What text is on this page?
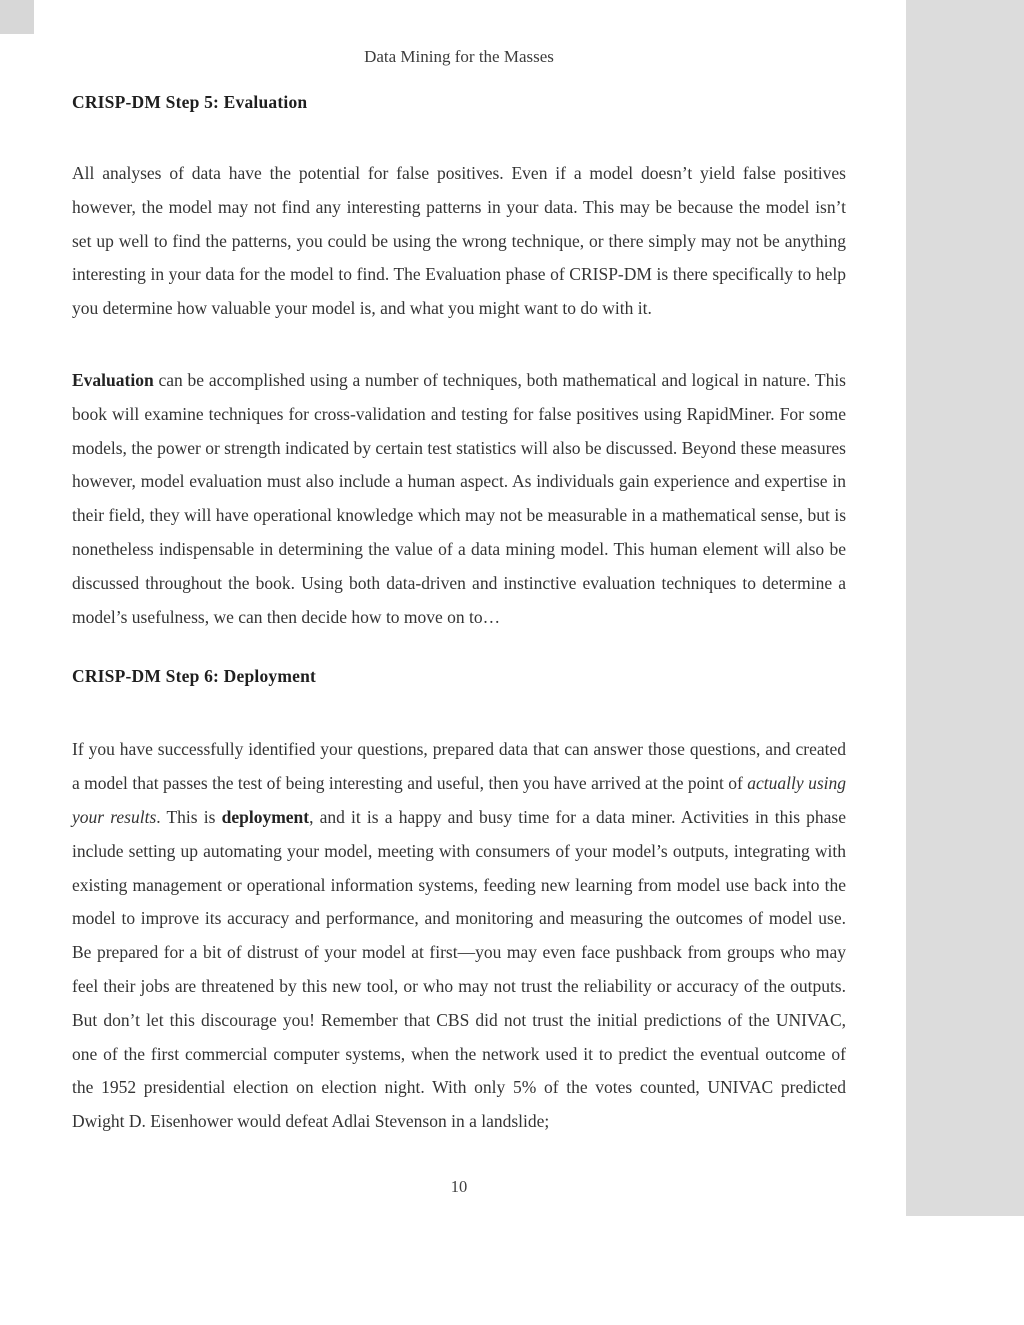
Data Mining for the Masses
CRISP-DM Step 5: Evaluation

All analyses of data have the potential for false positives. Even if a model doesn’t yield false positives however, the model may not find any interesting patterns in your data. This may be because the model isn’t set up well to find the patterns, you could be using the wrong technique, or there simply may not be anything interesting in your data for the model to find. The Evaluation phase of CRISP-DM is there specifically to help you determine how valuable your model is, and what you might want to do with it.

Evaluation can be accomplished using a number of techniques, both mathematical and logical in nature. This book will examine techniques for cross-validation and testing for false positives using RapidMiner. For some models, the power or strength indicated by certain test statistics will also be discussed. Beyond these measures however, model evaluation must also include a human aspect. As individuals gain experience and expertise in their field, they will have operational knowledge which may not be measurable in a mathematical sense, but is nonetheless indispensable in determining the value of a data mining model. This human element will also be discussed throughout the book. Using both data-driven and instinctive evaluation techniques to determine a model’s usefulness, we can then decide how to move on to…

CRISP-DM Step 6: Deployment

If you have successfully identified your questions, prepared data that can answer those questions, and created a model that passes the test of being interesting and useful, then you have arrived at the point of actually using your results. This is deployment, and it is a happy and busy time for a data miner. Activities in this phase include setting up automating your model, meeting with consumers of your model’s outputs, integrating with existing management or operational information systems, feeding new learning from model use back into the model to improve its accuracy and performance, and monitoring and measuring the outcomes of model use. Be prepared for a bit of distrust of your model at first—you may even face pushback from groups who may feel their jobs are threatened by this new tool, or who may not trust the reliability or accuracy of the outputs. But don’t let this discourage you! Remember that CBS did not trust the initial predictions of the UNIVAC, one of the first commercial computer systems, when the network used it to predict the eventual outcome of the 1952 presidential election on election night. With only 5% of the votes counted, UNIVAC predicted Dwight D. Eisenhower would defeat Adlai Stevenson in a landslide;

10
